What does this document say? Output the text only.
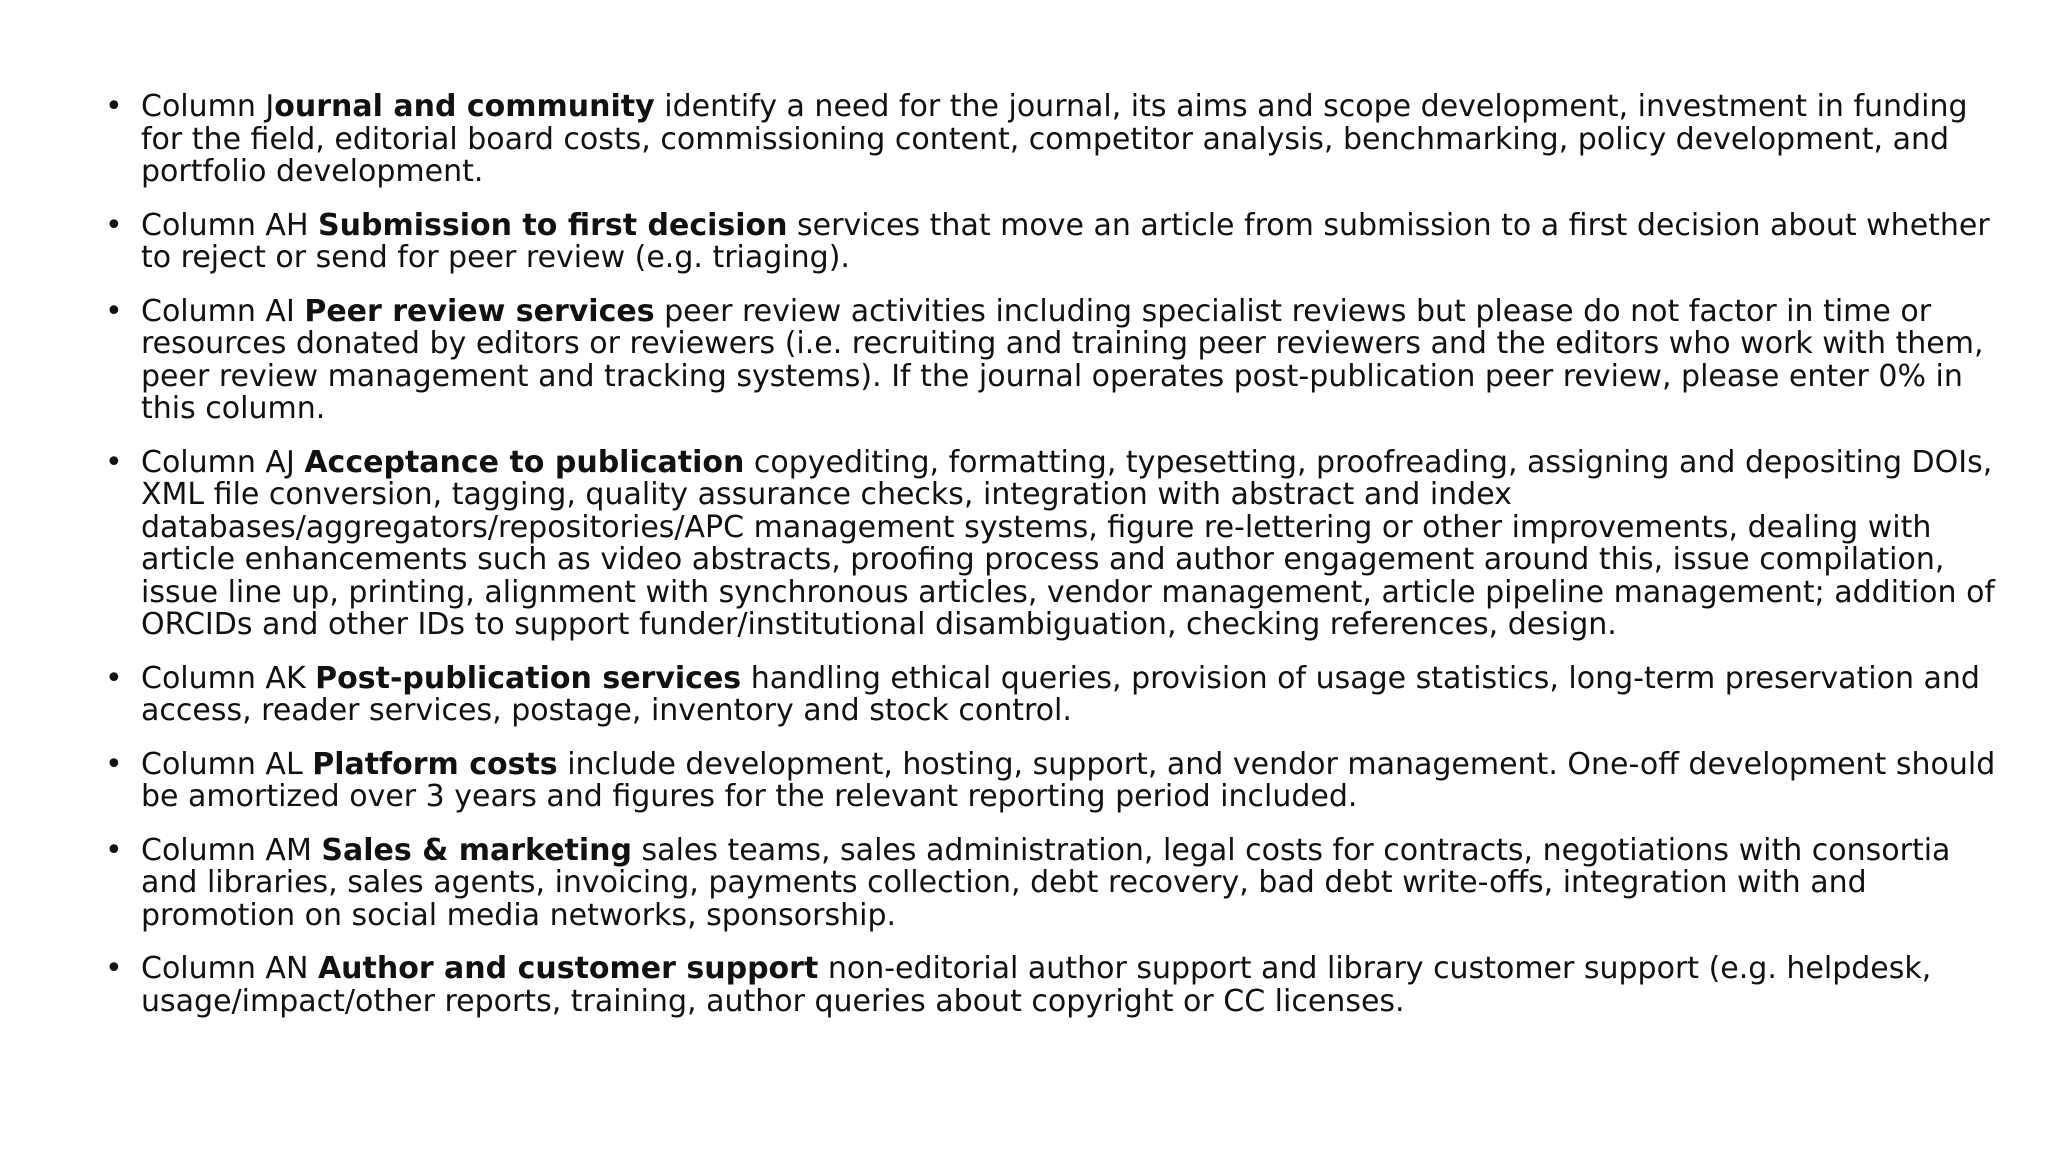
• Column Journal and community identify a need for the journal, its aims and scope development, investment in funding for the field, editorial board costs, commissioning content, competitor analysis, benchmarking, policy development, and portfolio development.
• Column AH Submission to first decision services that move an article from submission to a first decision about whether to reject or send for peer review (e.g. triaging).
• Column AI Peer review services peer review activities including specialist reviews but please do not factor in time or resources donated by editors or reviewers (i.e. recruiting and training peer reviewers and the editors who work with them, peer review management and tracking systems). If the journal operates post-publication peer review, please enter 0% in this column.
• Column AJ Acceptance to publication copyediting, formatting, typesetting, proofreading, assigning and depositing DOIs, XML file conversion, tagging, quality assurance checks, integration with abstract and index databases/aggregators/repositories/APC management systems, figure re-lettering or other improvements, dealing with article enhancements such as video abstracts, proofing process and author engagement around this, issue compilation, issue line up, printing, alignment with synchronous articles, vendor management, article pipeline management; addition of ORCIDs and other IDs to support funder/institutional disambiguation, checking references, design.
• Column AK Post-publication services handling ethical queries, provision of usage statistics, long-term preservation and access, reader services, postage, inventory and stock control.
• Column AL Platform costs include development, hosting, support, and vendor management. One-off development should be amortized over 3 years and figures for the relevant reporting period included.
• Column AM Sales & marketing sales teams, sales administration, legal costs for contracts, negotiations with consortia and libraries, sales agents, invoicing, payments collection, debt recovery, bad debt write-offs, integration with and promotion on social media networks, sponsorship.
• Column AN Author and customer support non-editorial author support and library customer support (e.g. helpdesk, usage/impact/other reports, training, author queries about copyright or CC licenses.
